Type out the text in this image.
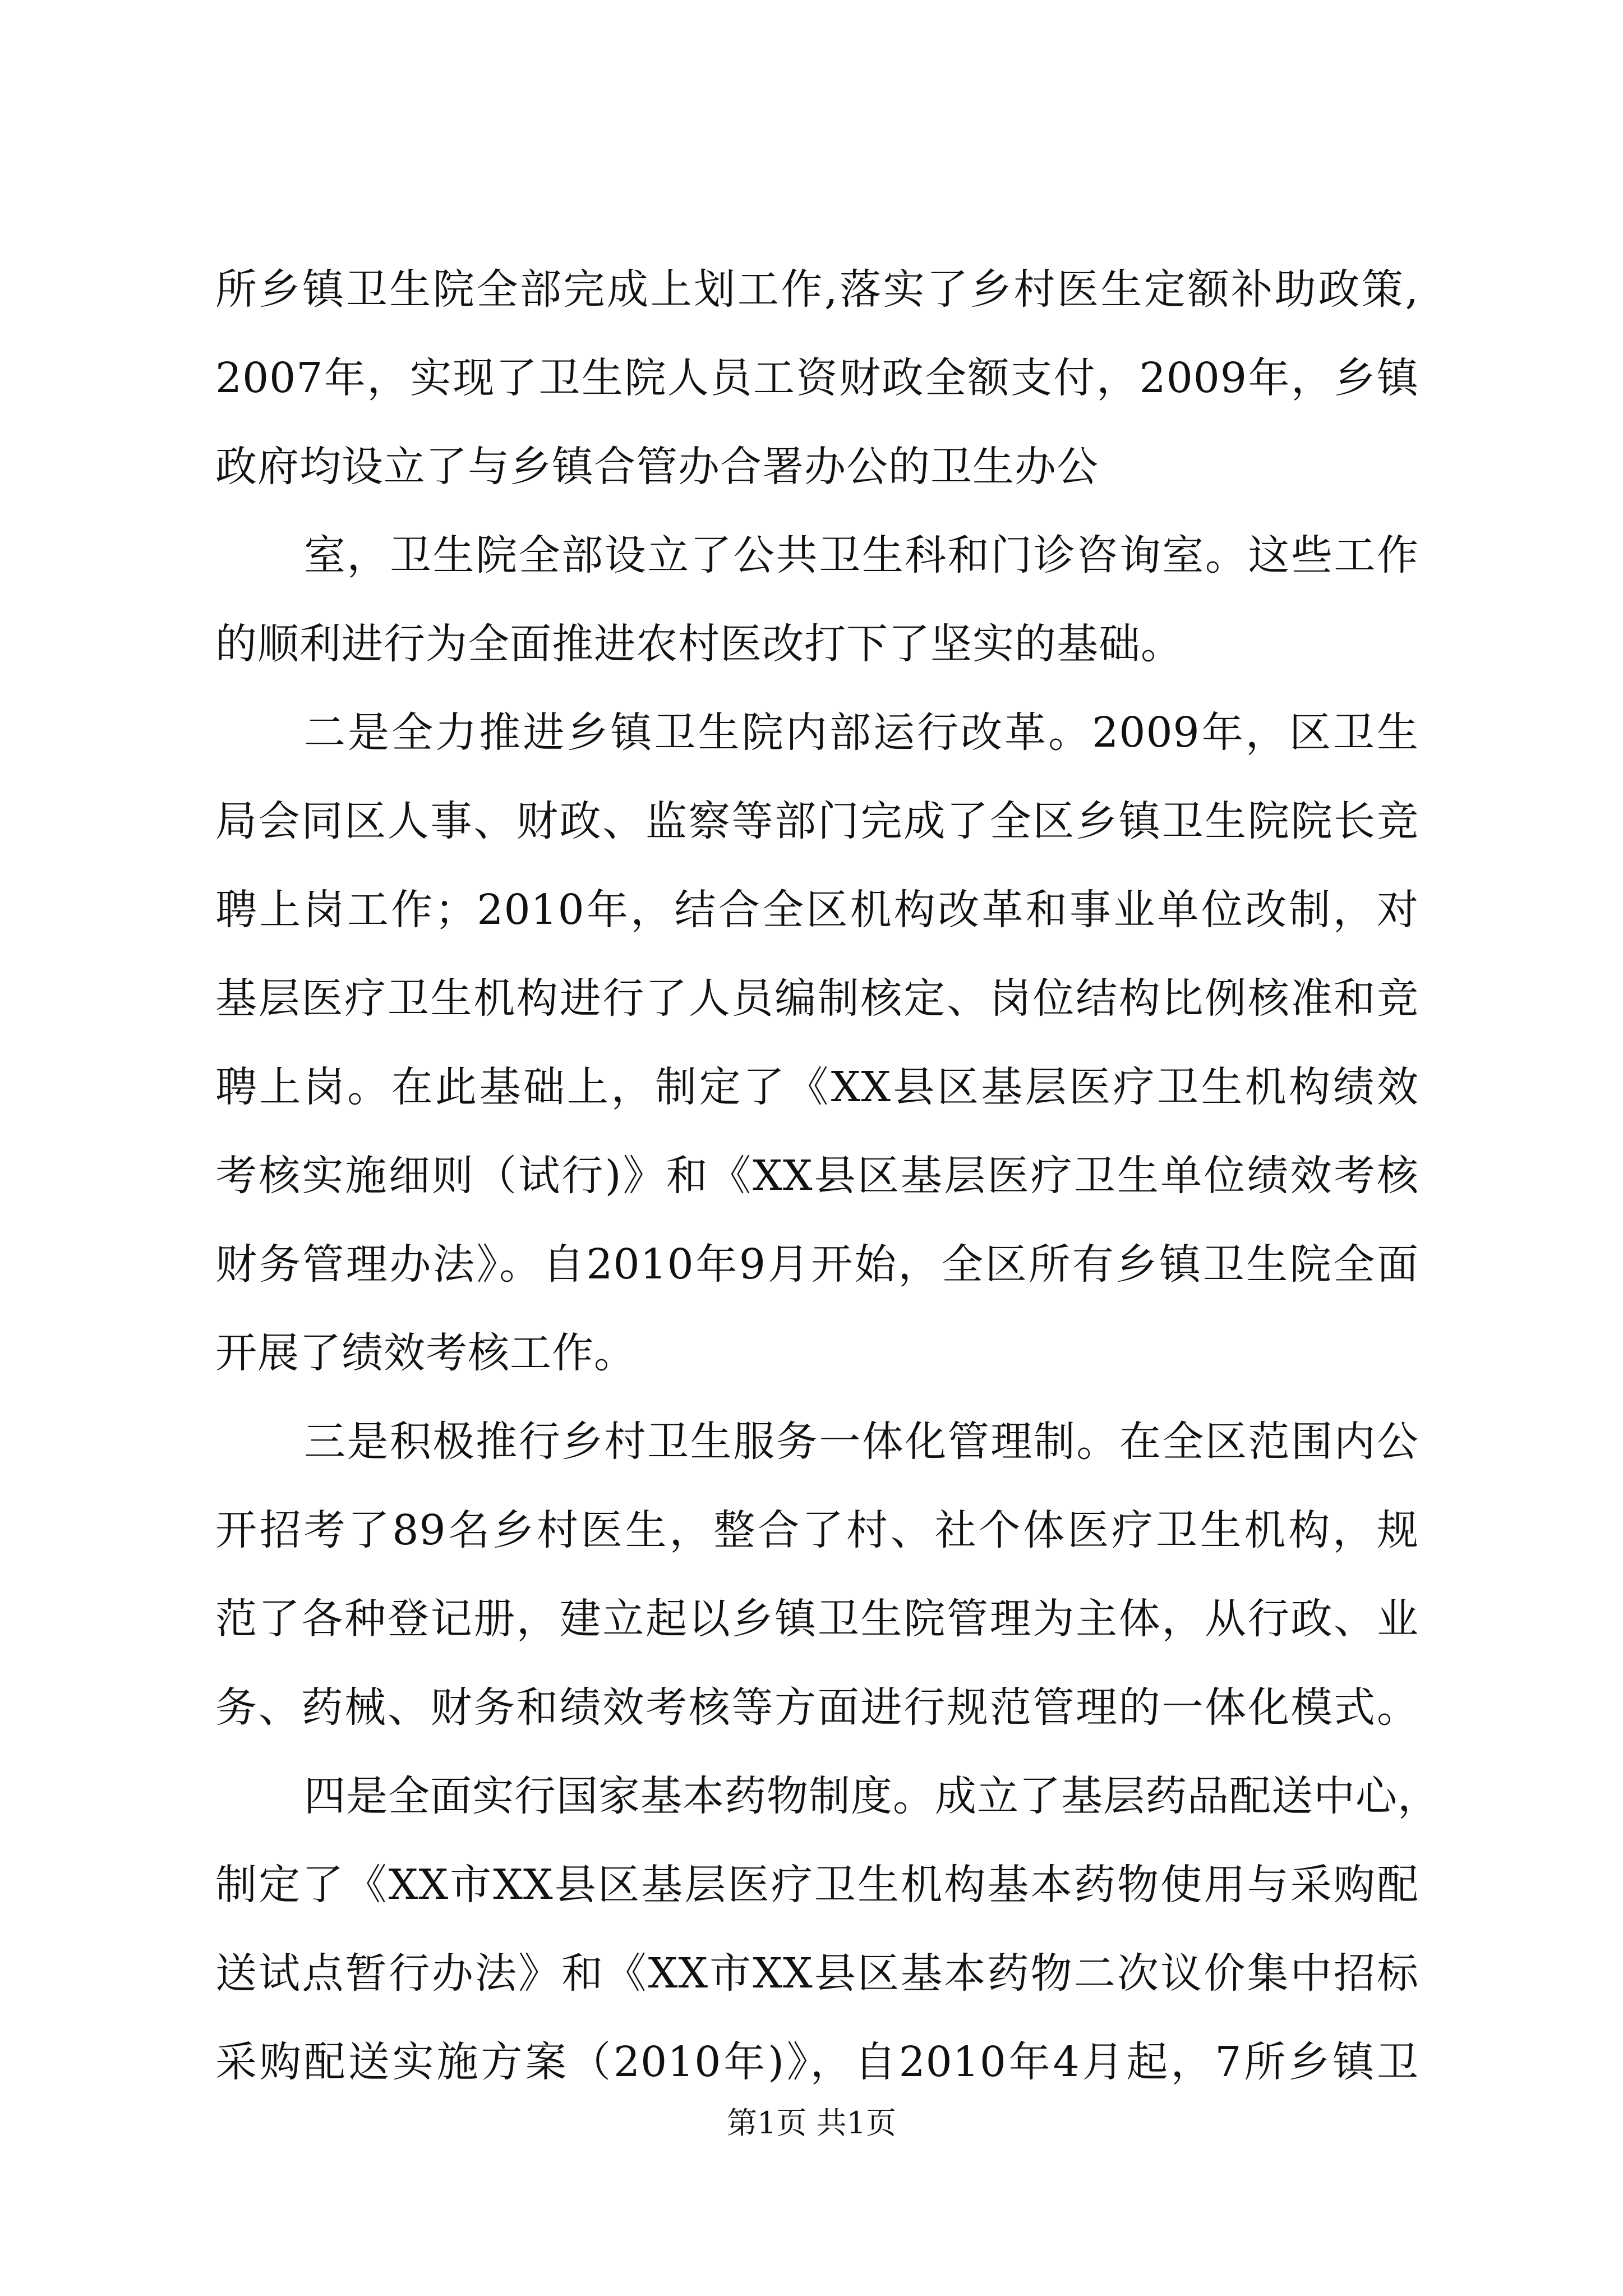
所乡镇卫生院全部完成上划工作,落实了乡村医生定额补助政策,
2007年，实现了卫生院人员工资财政全额支付，2009年，乡镇
政府均设立了与乡镇合管办合署办公的卫生办公
室，卫生院全部设立了公共卫生科和门诊咨询室。这些工作
的顺利进行为全面推进农村医改打下了坚实的基础。
二是全力推进乡镇卫生院内部运行改革。2009年，区卫生
局会同区人事、财政、监察等部门完成了全区乡镇卫生院院长竞
聘上岗工作；2010年，结合全区机构改革和事业单位改制，对
基层医疗卫生机构进行了人员编制核定、岗位结构比例核准和竞
聘上岗。在此基础上，制定了《XX县区基层医疗卫生机构绩效
考核实施细则（试行)》和《XX县区基层医疗卫生单位绩效考核
财务管理办法》。自2010年9月开始，全区所有乡镇卫生院全面
开展了绩效考核工作。
三是积极推行乡村卫生服务一体化管理制。在全区范围内公
开招考了89名乡村医生，整合了村、社个体医疗卫生机构，规
范了各种登记册，建立起以乡镇卫生院管理为主体，从行政、业
务、药械、财务和绩效考核等方面进行规范管理的一体化模式。
四是全面实行国家基本药物制度。成立了基层药品配送中心，
制定了《XX市XX县区基层医疗卫生机构基本药物使用与采购配
送试点暂行办法》和《XX市XX县区基本药物二次议价集中招标
采购配送实施方案（2010年)》，自2010年4月起，7所乡镇卫
第1页 共1页
